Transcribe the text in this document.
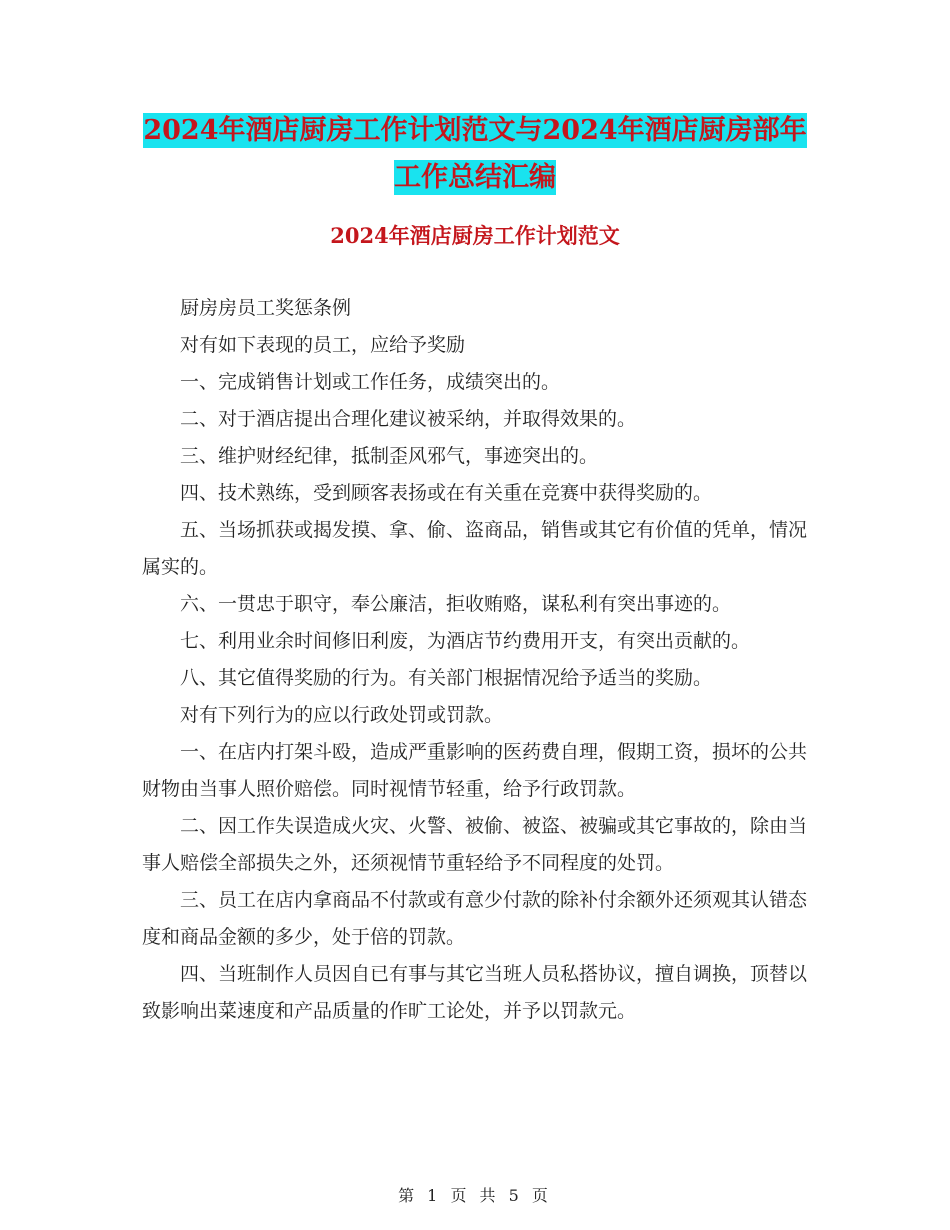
2024年酒店厨房工作计划范文与2024年酒店厨房部年
工作总结汇编
2024年酒店厨房工作计划范文

厨房房员工奖惩条例

对有如下表现的员工，应给予奖励

一、完成销售计划或工作任务，成绩突出的。

二、对于酒店提出合理化建议被采纳，并取得效果的。

三、维护财经纪律，抵制歪风邪气，事迹突出的。

四、技术熟练，受到顾客表扬或在有关重在竞赛中获得奖励的。

五、当场抓获或揭发摸、拿、偷、盗商品，销售或其它有价值的凭单，情况属实的。

六、一贯忠于职守，奉公廉洁，拒收贿赂，谋私利有突出事迹的。

七、利用业余时间修旧利废，为酒店节约费用开支，有突出贡献的。

八、其它值得奖励的行为。有关部门根据情况给予适当的奖励。

对有下列行为的应以行政处罚或罚款。

一、在店内打架斗殴，造成严重影响的医药费自理，假期工资，损坏的公共财物由当事人照价赔偿。同时视情节轻重，给予行政罚款。

二、因工作失误造成火灾、火警、被偷、被盗、被骗或其它事故的，除由当事人赔偿全部损失之外，还须视情节重轻给予不同程度的处罚。

三、员工在店内拿商品不付款或有意少付款的除补付余额外还须观其认错态度和商品金额的多少，处于倍的罚款。

四、当班制作人员因自已有事与其它当班人员私搭协议，擅自调换，顶替以致影响出菜速度和产品质量的作旷工论处，并予以罚款元。

第 1 页 共 5 页
